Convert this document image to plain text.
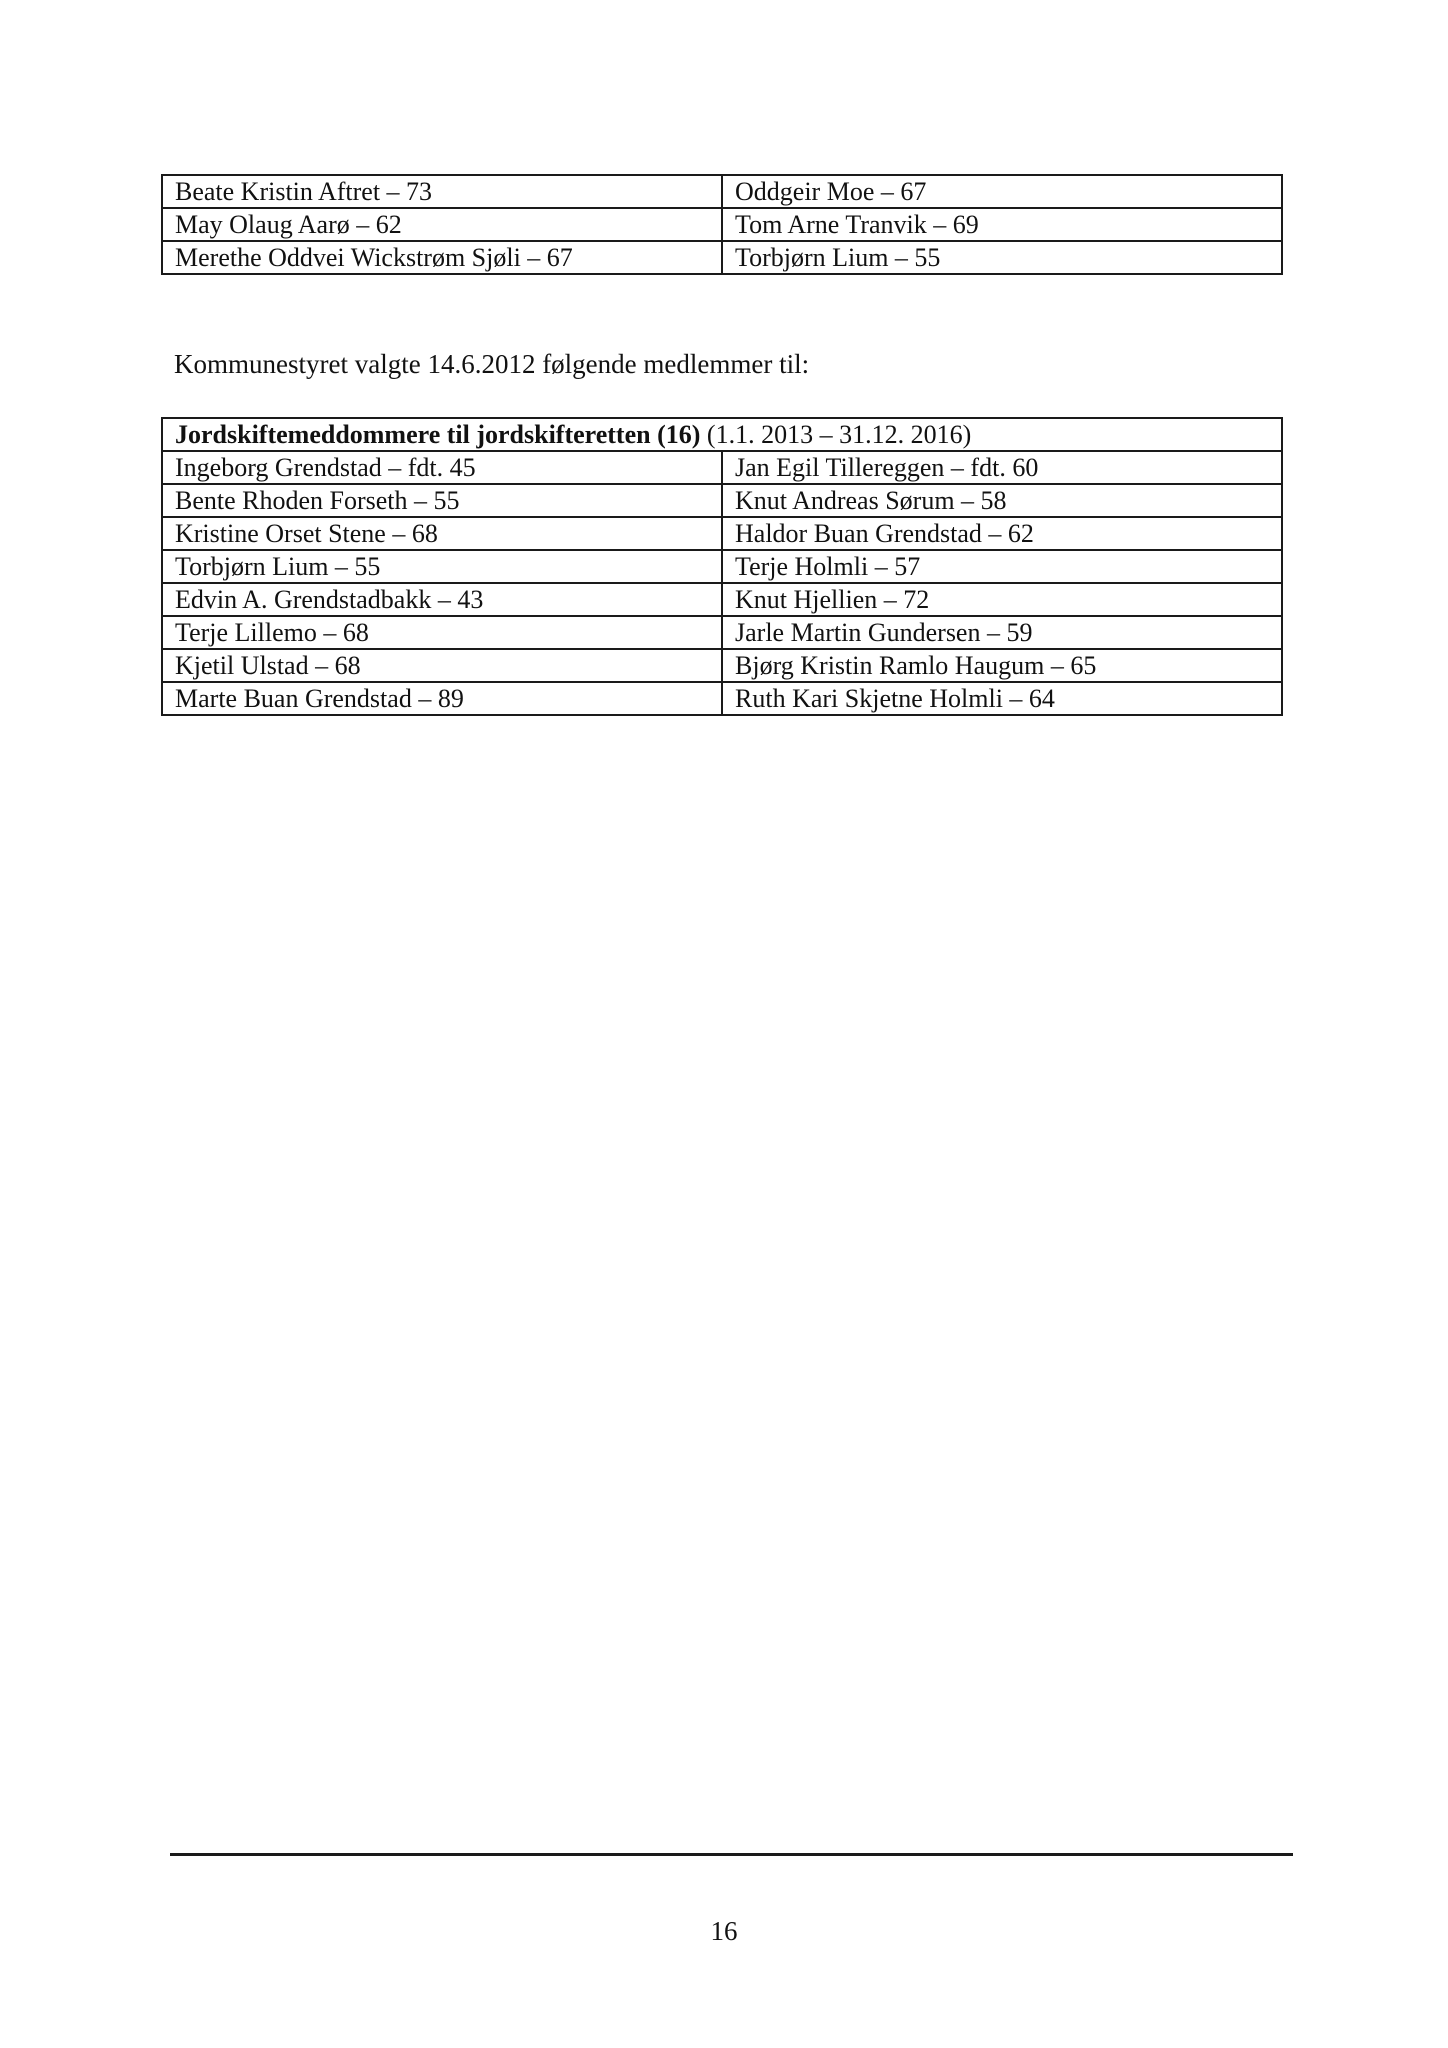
Beate Kristin Aftret – 73	Oddgeir Moe – 67
May Olaug Aarø – 62	Tom Arne Tranvik – 69
Merethe Oddvei Wickstrøm Sjøli – 67	Torbjørn Lium – 55

Kommunestyret valgte 14.6.2012 følgende medlemmer til:

Jordskiftemeddommere til jordskifteretten (16) (1.1. 2013 – 31.12. 2016)	
Ingeborg Grendstad – fdt. 45	Jan Egil Tillereggen – fdt. 60
Bente Rhoden Forseth – 55	Knut Andreas Sørum – 58
Kristine Orset Stene – 68	Haldor Buan Grendstad – 62
Torbjørn Lium – 55	Terje Holmli – 57
Edvin A. Grendstadbakk – 43	Knut Hjellien – 72
Terje Lillemo – 68	Jarle Martin Gundersen – 59
Kjetil Ulstad – 68	Bjørg Kristin Ramlo Haugum – 65
Marte Buan Grendstad – 89	Ruth Kari Skjetne Holmli – 64

16
